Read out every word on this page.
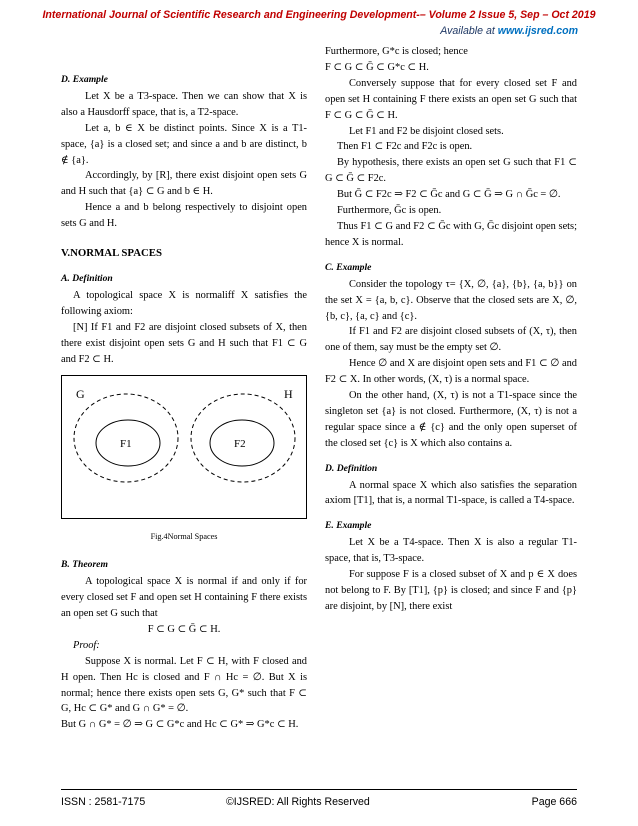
International Journal of Scientific Research and Engineering Development-– Volume 2 Issue 5, Sep – Oct 2019
Available at www.ijsred.com
D. Example

Let X be a T3-space. Then we can show that X is also a Hausdorff space, that is, a T2-space.

Let a, b ∈ X be distinct points. Since X is a T1-space, {a} is a closed set; and since a and b are distinct, b ∉ {a}.

Accordingly, by [R], there exist disjoint open sets G and H such that {a} ⊂ G and b ∈ H.

Hence a and b belong respectively to disjoint open sets G and H.

V.NORMAL SPACES
A. Definition

A topological space X is normaliff X satisfies the following axiom:

[N] If F1 and F2 are disjoint closed subsets of X, then there exist disjoint open sets G and H such that F1 ⊂ G and F2 ⊂ H.

G	H
F1	F2
Fig.4Normal Spaces
B. Theorem

A topological space X is normal if and only if for every closed set F and open set H containing F there exists an open set G such that

F ⊂ G ⊂ Ḡ ⊂ H.

Proof:

Suppose X is normal. Let F ⊂ H, with F closed and H open. Then Hc is closed and F ∩ Hc = ∅. But X is normal; hence there exists open sets G, G* such that F ⊂ G, Hc ⊂ G* and G ∩ G* = ∅.

But G ∩ G* = ∅ ⇒ G ⊂ G*c and Hc ⊂ G* ⇒ G*c ⊂ H.

Furthermore, G*c is closed; hence

F ⊂ G ⊂ Ḡ ⊂ G*c ⊂ H.

Conversely suppose that for every closed set F and open set H containing F there exists an open set G such that F ⊂ G ⊂ Ḡ ⊂ H.

Let F1 and F2 be disjoint closed sets.

Then F1 ⊂ F2c and F2c is open.

By hypothesis, there exists an open set G such that F1 ⊂ G ⊂ Ḡ ⊂ F2c.

But Ḡ ⊂ F2c ⇒ F2 ⊂ Ḡc and G ⊂ Ḡ ⇒ G ∩ Ḡc = ∅.

Furthermore, Ḡc is open.

Thus F1 ⊂ G and F2 ⊂ Ḡc with G, Ḡc disjoint open sets; hence X is normal.

C. Example

Consider the topology τ= {X, ∅, {a}, {b}, {a, b}} on the set X = {a, b, c}. Observe that the closed sets are X, ∅, {b, c}, {a, c} and {c}.

If F1 and F2 are disjoint closed subsets of (X, τ), then one of them, say must be the empty set ∅.

Hence ∅ and X are disjoint open sets and F1 ⊂ ∅ and F2 ⊂ X. In other words, (X, τ) is a normal space.

On the other hand, (X, τ) is not a T1-space since the singleton set {a} is not closed. Furthermore, (X, τ) is not a regular space since a ∉ {c} and the only open superset of the closed set {c} is X which also contains a.

D. Definition

A normal space X which also satisfies the separation axiom [T1], that is, a normal T1-space, is called a T4-space.

E. Example

Let X be a T4-space. Then X is also a regular T1-space, that is, T3-space.

For suppose F is a closed subset of X and p ∈ X does not belong to F. By [T1], {p} is closed; and since F and {p} are disjoint, by [N], there exist

ISSN : 2581-7175	©IJSRED: All Rights Reserved	Page 666
